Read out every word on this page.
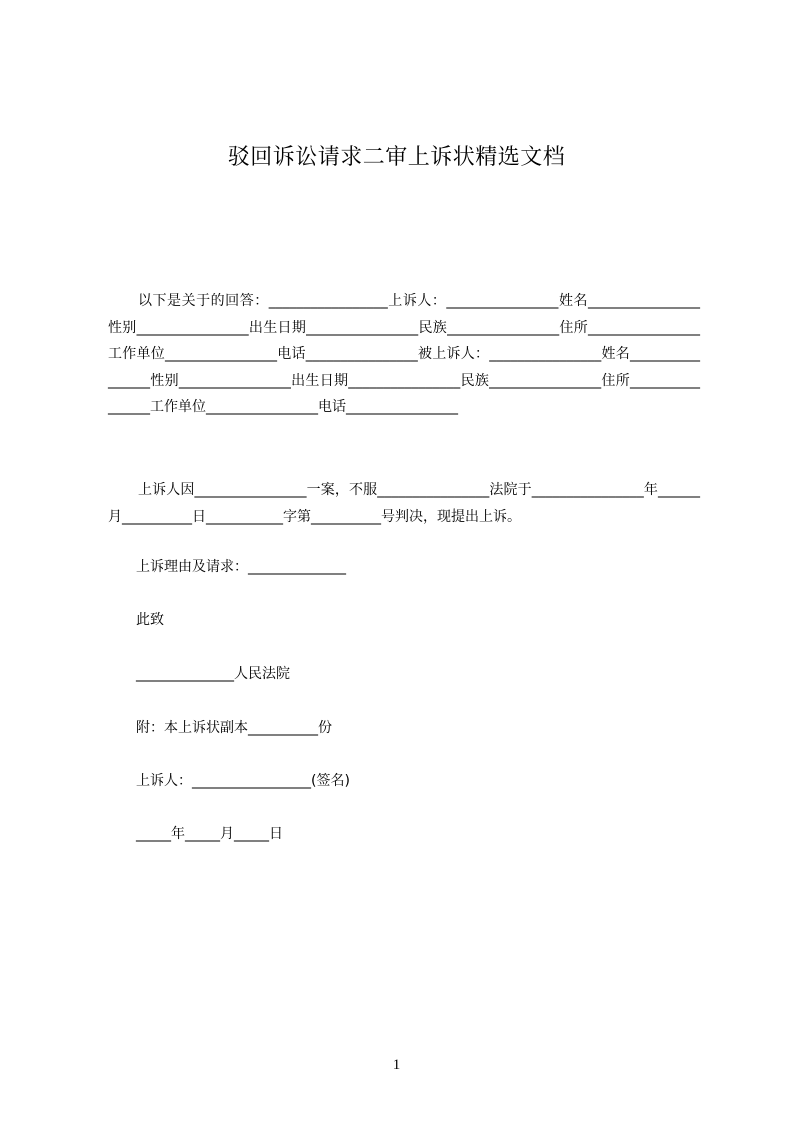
驳回诉讼请求二审上诉状精选文档
以下是关于的回答：_________________上诉人：________________姓名________________性别________________出生日期________________民族________________住所________________工作单位________________电话________________被上诉人：________________姓名________________性别________________出生日期________________民族________________住所________________工作单位________________电话________________
上诉人因________________一案，不服________________法院于________________年______月__________日___________字第__________号判决，现提出上诉。
上诉理由及请求：______________
此致
______________人民法院
附：本上诉状副本__________份
上诉人：_________________(签名)
_____年_____月_____日
1
